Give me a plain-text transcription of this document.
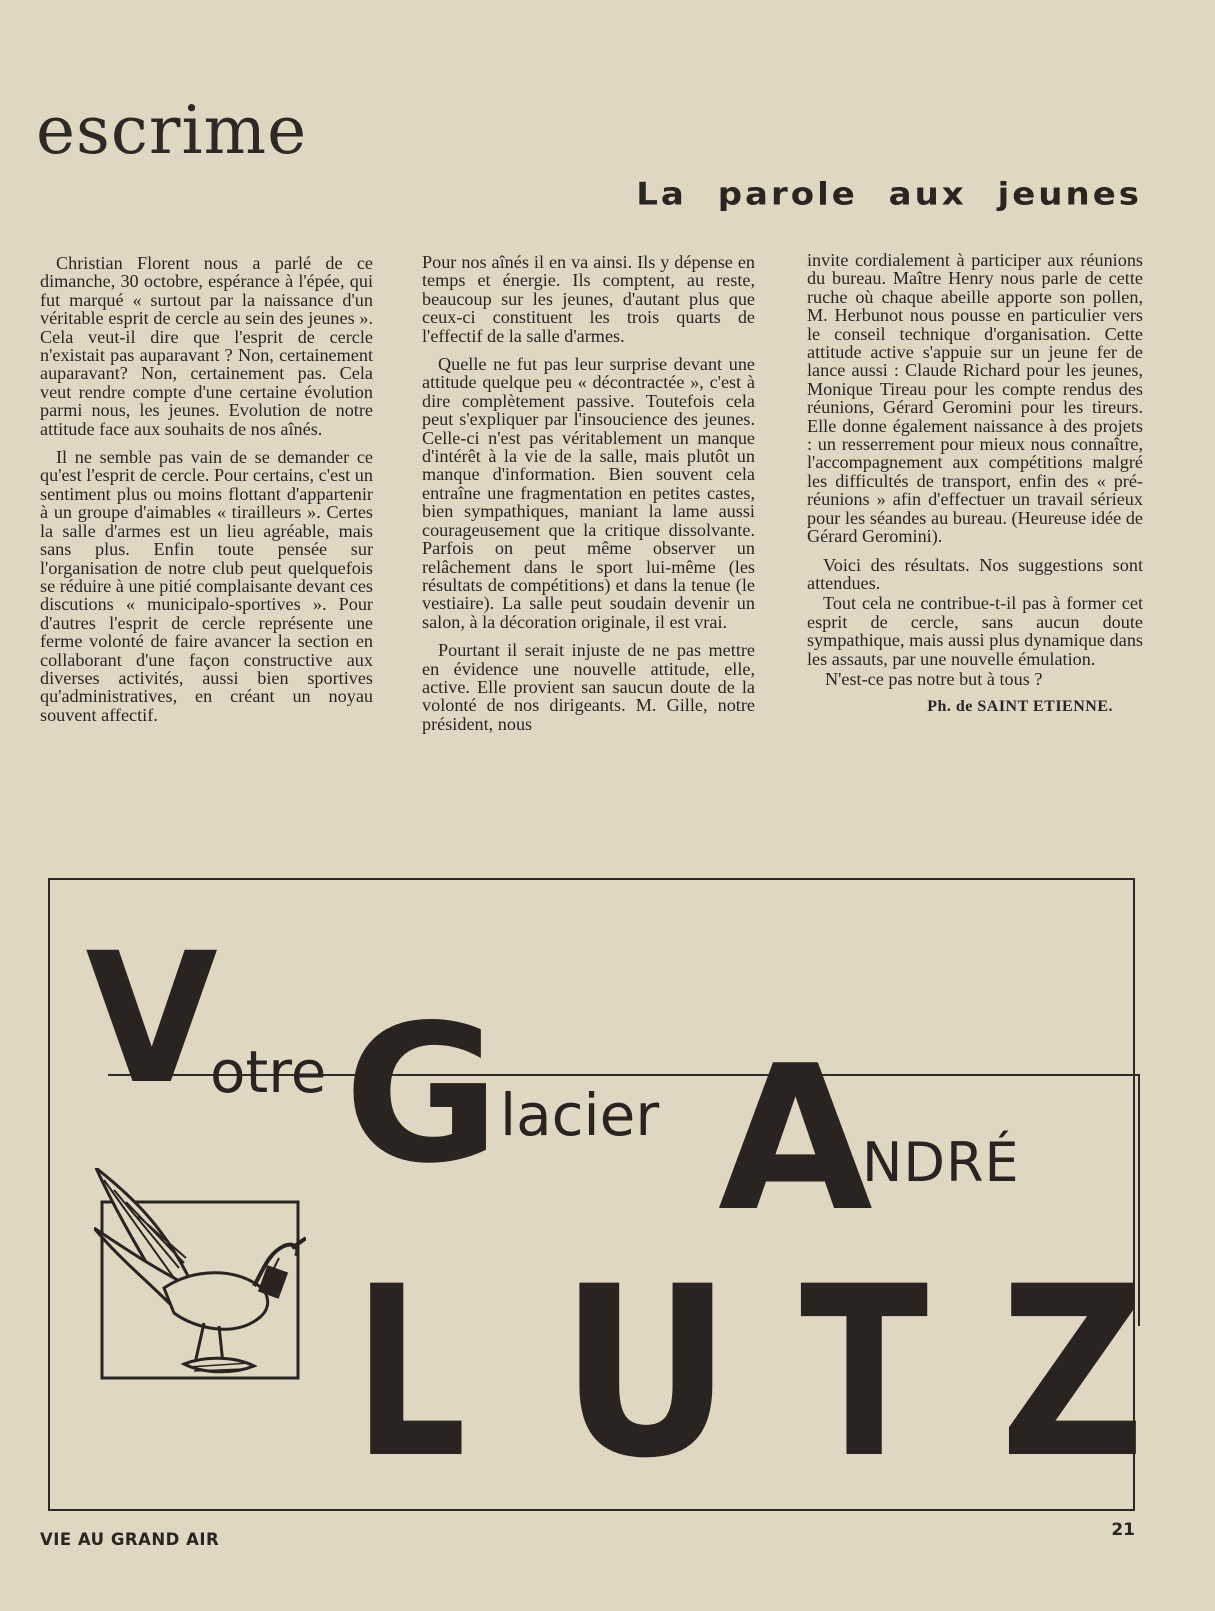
escrime
La parole aux jeunes

Christian Florent nous a parlé de ce dimanche, 30 octobre, espérance à l'épée, qui fut marqué « surtout par la naissance d'un véritable esprit de cercle au sein des jeunes ». Cela veut-il dire que l'esprit de cercle n'existait pas auparavant ? Non, certainement auparavant? Non, certainement pas. Cela veut rendre compte d'une certaine évolution parmi nous, les jeunes. Evolution de notre attitude face aux souhaits de nos aînés.

Il ne semble pas vain de se demander ce qu'est l'esprit de cercle. Pour certains, c'est un sentiment plus ou moins flottant d'appartenir à un groupe d'aimables « tirailleurs ». Certes la salle d'armes est un lieu agréable, mais sans plus. Enfin toute pensée sur l'organisation de notre club peut quelquefois se réduire à une pitié complaisante devant ces discutions « municipalo-sportives ». Pour d'autres l'esprit de cercle représente une ferme volonté de faire avancer la section en collaborant d'une façon constructive aux diverses activités, aussi bien sportives qu'administratives, en créant un noyau souvent affectif.

Pour nos aînés il en va ainsi. Ils y dépense en temps et énergie. Ils comptent, au reste, beaucoup sur les jeunes, d'autant plus que ceux-ci constituent les trois quarts de l'effectif de la salle d'armes.

Quelle ne fut pas leur surprise devant une attitude quelque peu « décontractée », c'est à dire complètement passive. Toutefois cela peut s'expliquer par l'insoucience des jeunes. Celle-ci n'est pas véritablement un manque d'intérêt à la vie de la salle, mais plutôt un manque d'information. Bien souvent cela entraîne une fragmentation en petites castes, bien sympathiques, maniant la lame aussi courageusement que la critique dissolvante. Parfois on peut même observer un relâchement dans le sport lui-même (les résultats de compétitions) et dans la tenue (le vestiaire). La salle peut soudain devenir un salon, à la décoration originale, il est vrai.

Pourtant il serait injuste de ne pas mettre en évidence une nouvelle attitude, elle, active. Elle provient san saucun doute de la volonté de nos dirigeants. M. Gille, notre président, nous

invite cordialement à participer aux réunions du bureau. Maître Henry nous parle de cette ruche où chaque abeille apporte son pollen, M. Herbunot nous pousse en particulier vers le conseil technique d'organisation. Cette attitude active s'appuie sur un jeune fer de lance aussi : Claude Richard pour les jeunes, Monique Tireau pour les compte rendus des réunions, Gérard Geromini pour les tireurs. Elle donne également naissance à des projets : un resserrement pour mieux nous connaître, l'accompagnement aux compétitions malgré les difficultés de transport, enfin des « pré-réunions » afin d'effectuer un travail sérieux pour les séandes au bureau. (Heureuse idée de Gérard Geromini).

Voici des résultats. Nos suggestions sont attendues.

Tout cela ne contribue-t-il pas à former cet esprit de cercle, sans aucun doute sympathique, mais aussi plus dynamique dans les assauts, par une nouvelle émulation.

N'est-ce pas notre but à tous ?

Ph. de SAINT ETIENNE.

V
otre G lacier A
NDRÉ
L U T Z

VIE AU GRAND AIR	21
